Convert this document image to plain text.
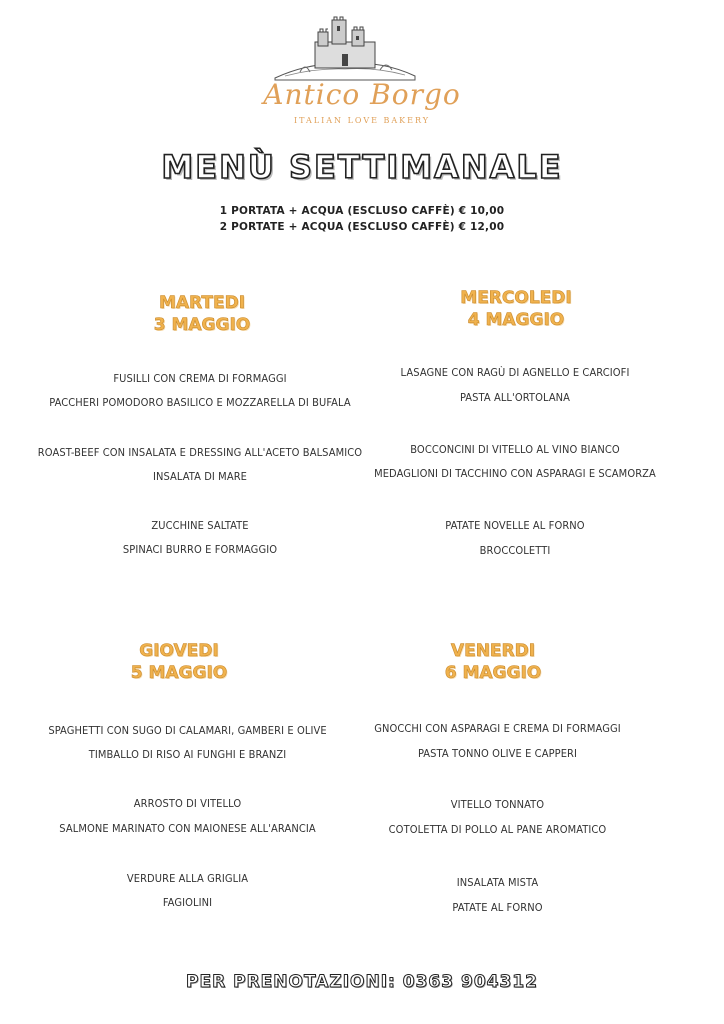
Antico Borgo
ITALIAN LOVE BAKERY
MENÙ SETTIMANALE
1 PORTATA + ACQUA (ESCLUSO CAFFÈ) € 10,00
2 PORTATE + ACQUA (ESCLUSO CAFFÈ) € 12,00
MARTEDI
3 MAGGIO
FUSILLI CON CREMA DI FORMAGGI
PACCHERI POMODORO BASILICO E MOZZARELLA DI BUFALA
ROAST-BEEF CON INSALATA E DRESSING ALL'ACETO BALSAMICO
INSALATA DI MARE
ZUCCHINE SALTATE
SPINACI BURRO E FORMAGGIO
MERCOLEDI
4 MAGGIO
LASAGNE CON RAGÙ DI AGNELLO E CARCIOFI
PASTA ALL'ORTOLANA
BOCCONCINI DI VITELLO AL VINO BIANCO
MEDAGLIONI DI TACCHINO CON ASPARAGI E SCAMORZA
PATATE NOVELLE AL FORNO
BROCCOLETTI
GIOVEDI
5 MAGGIO
SPAGHETTI CON SUGO DI CALAMARI, GAMBERI E OLIVE
TIMBALLO DI RISO AI FUNGHI E BRANZI
ARROSTO DI VITELLO
SALMONE MARINATO CON MAIONESE ALL'ARANCIA
VERDURE ALLA GRIGLIA
FAGIOLINI
VENERDI
6 MAGGIO
GNOCCHI CON ASPARAGI E CREMA DI FORMAGGI
PASTA TONNO OLIVE E CAPPERI
VITELLO TONNATO
COTOLETTA DI POLLO AL PANE AROMATICO
INSALATA MISTA
PATATE AL FORNO
PER PRENOTAZIONI: 0363 904312
